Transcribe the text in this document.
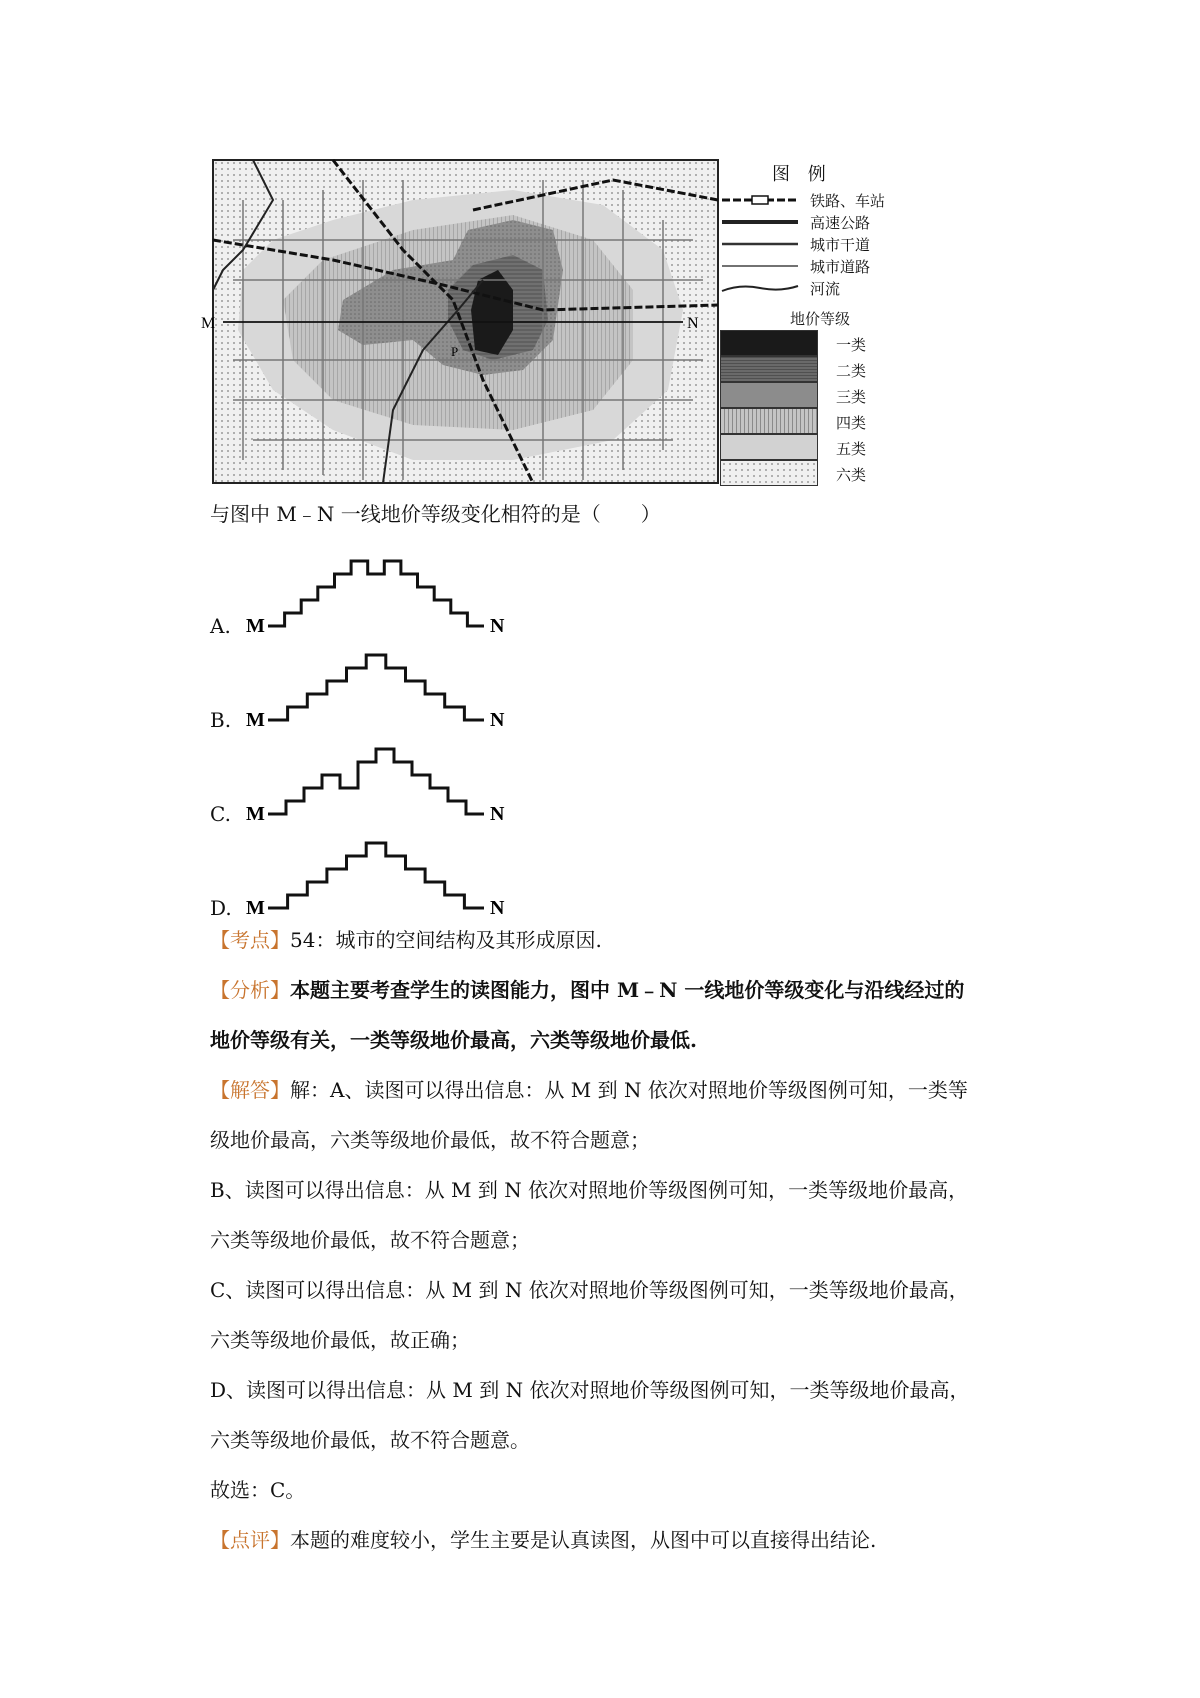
M	N
P
图 例
铁路、车站
高速公路
城市干道
城市道路
河流
地价等级
一类
二类
三类
四类
五类
六类
与图中 M﹣N 一线地价等级变化相符的是（　　）
A. M	N
B. M	N
C. M	N
D. M	N
【考点】54：城市的空间结构及其形成原因.
【分析】本题主要考查学生的读图能力，图中 M﹣N 一线地价等级变化与沿线经过的
地价等级有关，一类等级地价最高，六类等级地价最低.
【解答】解：A、读图可以得出信息：从 M 到 N 依次对照地价等级图例可知，一类等
级地价最高，六类等级地价最低，故不符合题意；
B、读图可以得出信息：从 M 到 N 依次对照地价等级图例可知，一类等级地价最高，
六类等级地价最低，故不符合题意；
C、读图可以得出信息：从 M 到 N 依次对照地价等级图例可知，一类等级地价最高，
六类等级地价最低，故正确；
D、读图可以得出信息：从 M 到 N 依次对照地价等级图例可知，一类等级地价最高，
六类等级地价最低，故不符合题意。
故选：C。
【点评】本题的难度较小，学生主要是认真读图，从图中可以直接得出结论.
